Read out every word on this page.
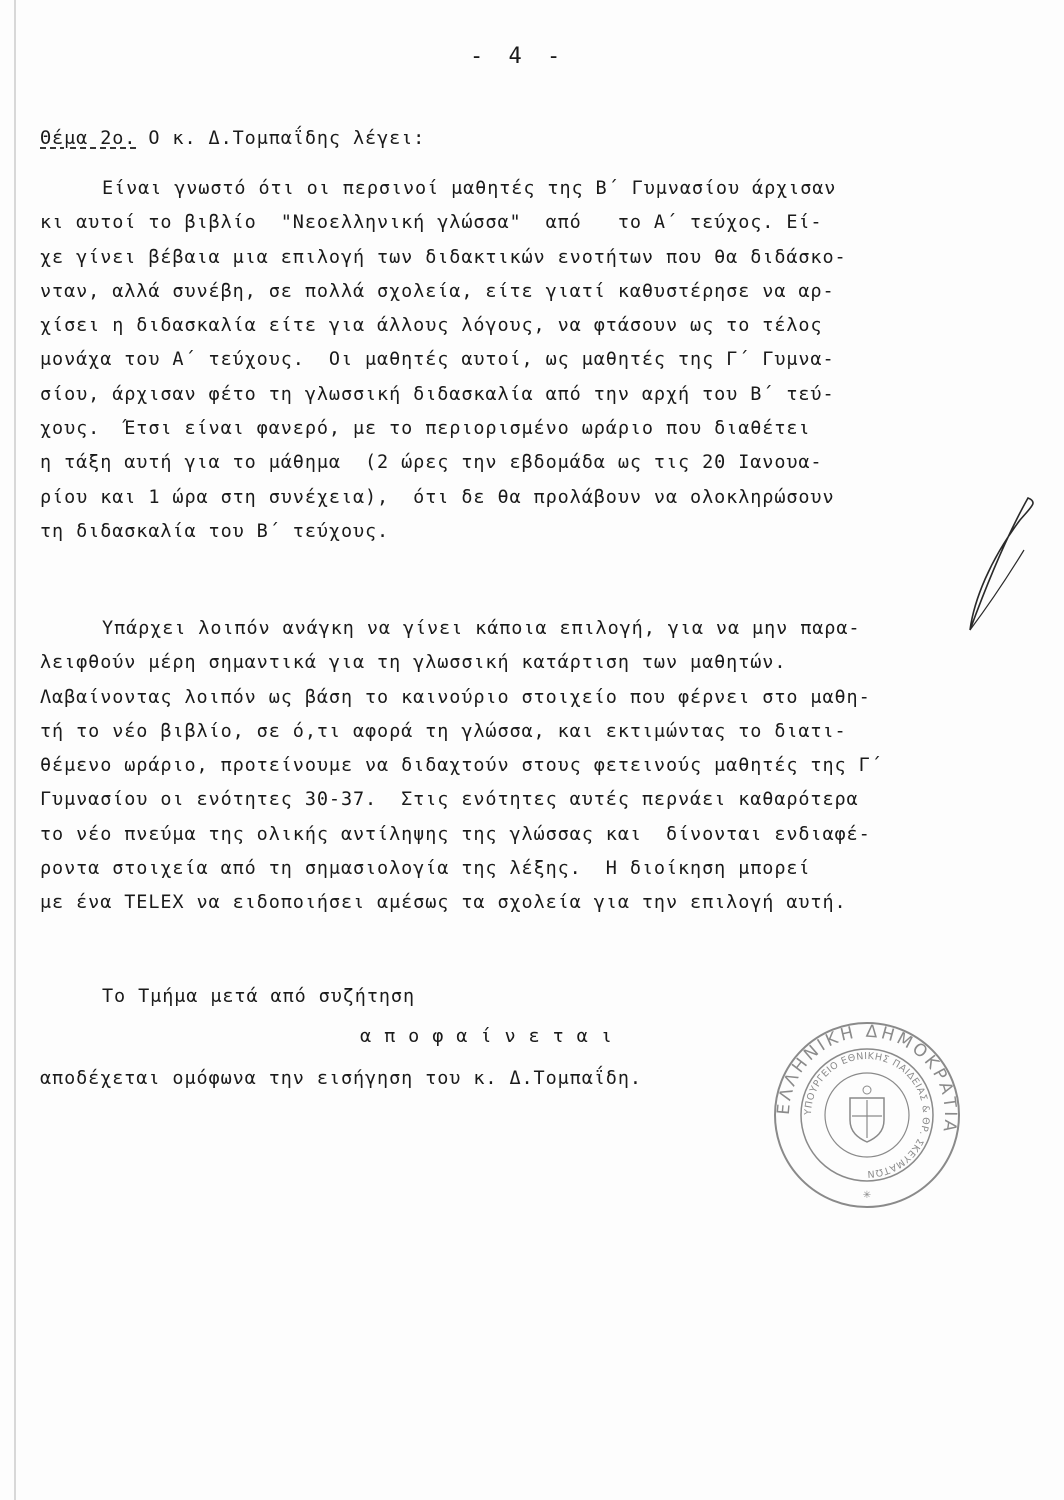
- 4 -
Θέμα 2ο. Ο κ. Δ.Τομπαΐδης λέγει:
Είναι γνωστό ότι οι περσινοί μαθητές της Β΄ Γυμνασίου άρχισαν
κι αυτοί το βιβλίο  "Νεοελληνική γλώσσα"  από   το Α΄ τεύχος. Εί-
χε γίνει βέβαια μια επιλογή των διδακτικών ενοτήτων που θα διδάσκο-
νταν, αλλά συνέβη, σε πολλά σχολεία, είτε γιατί καθυστέρησε να αρ-
χίσει η διδασκαλία είτε για άλλους λόγους, να φτάσουν ως το τέλος
μονάχα του Α΄ τεύχους.  Οι μαθητές αυτοί, ως μαθητές της Γ΄ Γυμνα-
σίου, άρχισαν φέτο τη γλωσσική διδασκαλία από την αρχή του Β΄ τεύ-
χους.  Έτσι είναι φανερό, με το περιορισμένο ωράριο που διαθέτει
η τάξη αυτή για το μάθημα  (2 ώρες την εβδομάδα ως τις 20 Ιανουα-
ρίου και 1 ώρα στη συνέχεια),  ότι δε θα προλάβουν να ολοκληρώσουν
τη διδασκαλία του Β΄ τεύχους.
Υπάρχει λοιπόν ανάγκη να γίνει κάποια επιλογή, για να μην παρα-
λειφθούν μέρη σημαντικά για τη γλωσσική κατάρτιση των μαθητών.
Λαβαίνοντας λοιπόν ως βάση το καινούριο στοιχείο που φέρνει στο μαθη-
τή το νέο βιβλίο, σε ό,τι αφορά τη γλώσσα, και εκτιμώντας το διατι-
θέμενο ωράριο, προτείνουμε να διδαχτούν στους φετεινούς μαθητές της Γ΄
Γυμνασίου οι ενότητες 30-37.  Στις ενότητες αυτές περνάει καθαρότερα
το νέο πνεύμα της ολικής αντίληψης της γλώσσας και  δίνονται ενδιαφέ-
ροντα στοιχεία από τη σημασιολογία της λέξης.  Η διοίκηση μπορεί
με ένα TELEX να ειδοποιήσει αμέσως τα σχολεία για την επιλογή αυτή.
Το Τμήμα μετά από συζήτηση
α π ο φ α ί ν ε τ α ι
αποδέχεται ομόφωνα την εισήγηση του κ. Δ.Τομπαΐδη.
ΕΛΛΗΝΙΚΗ ΔΗΜΟΚΡΑΤΙΑ
ΥΠΟΥΡΓΕΙΟ ΕΘΝΙΚΗΣ ΠΑΙΔΕΙΑΣ & ΘΡ. ΣΚΕΥΜΑΤΩΝ
✳
